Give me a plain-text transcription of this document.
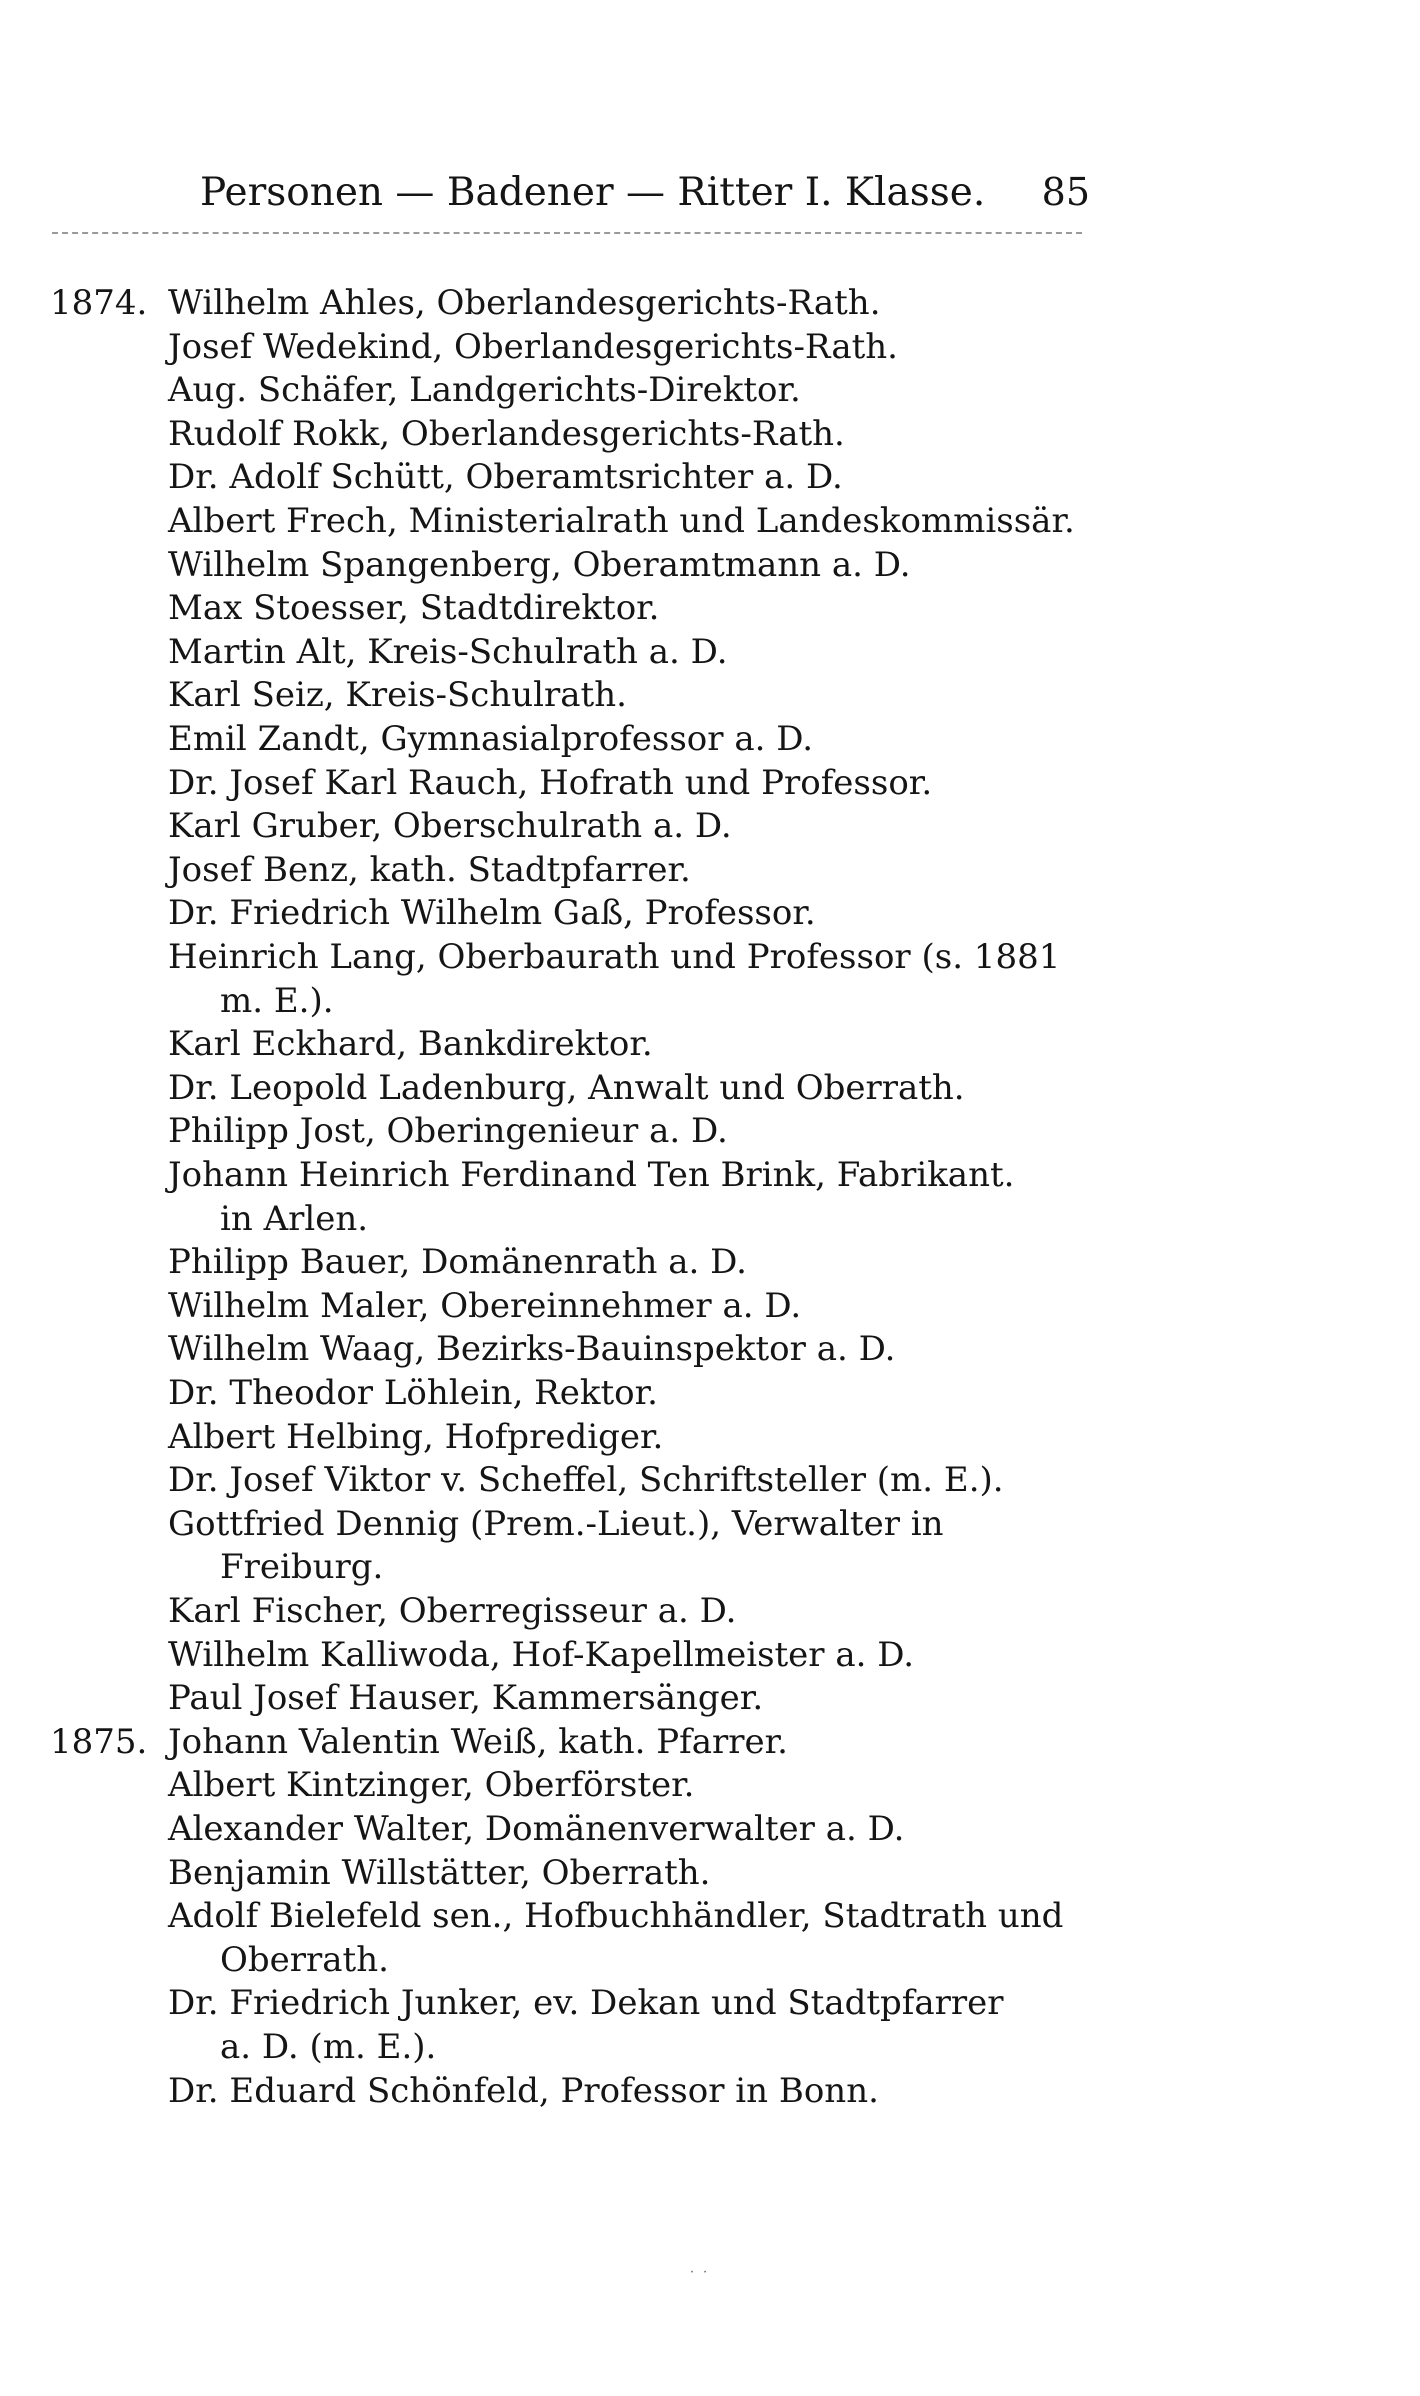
Personen — Badener — Ritter I. Klasse. 85
1874. Wilhelm Ahles, Oberlandesgerichts-Rath.
Josef Wedekind, Oberlandesgerichts-Rath.
Aug. Schäfer, Landgerichts-Direktor.
Rudolf Rokk, Oberlandesgerichts-Rath.
Dr. Adolf Schütt, Oberamtsrichter a. D.
Albert Frech, Ministerialrath und Landeskommissär.
Wilhelm Spangenberg, Oberamtmann a. D.
Max Stoesser, Stadtdirektor.
Martin Alt, Kreis-Schulrath a. D.
Karl Seiz, Kreis-Schulrath.
Emil Zandt, Gymnasialprofessor a. D.
Dr. Josef Karl Rauch, Hofrath und Professor.
Karl Gruber, Oberschulrath a. D.
Josef Benz, kath. Stadtpfarrer.
Dr. Friedrich Wilhelm Gaß, Professor.
Heinrich Lang, Oberbaurath und Professor (s. 1881
m. E.).
Karl Eckhard, Bankdirektor.
Dr. Leopold Ladenburg, Anwalt und Oberrath.
Philipp Jost, Oberingenieur a. D.
Johann Heinrich Ferdinand Ten Brink, Fabrikant.
in Arlen.
Philipp Bauer, Domänenrath a. D.
Wilhelm Maler, Obereinnehmer a. D.
Wilhelm Waag, Bezirks-Bauinspektor a. D.
Dr. Theodor Löhlein, Rektor.
Albert Helbing, Hofprediger.
Dr. Josef Viktor v. Scheffel, Schriftsteller (m. E.).
Gottfried Dennig (Prem.-Lieut.), Verwalter in
Freiburg.
Karl Fischer, Oberregisseur a. D.
Wilhelm Kalliwoda, Hof-Kapellmeister a. D.
Paul Josef Hauser, Kammersänger.
1875. Johann Valentin Weiß, kath. Pfarrer.
Albert Kintzinger, Oberförster.
Alexander Walter, Domänenverwalter a. D.
Benjamin Willstätter, Oberrath.
Adolf Bielefeld sen., Hofbuchhändler, Stadtrath und
Oberrath.
Dr. Friedrich Junker, ev. Dekan und Stadtpfarrer
a. D. (m. E.).
Dr. Eduard Schönfeld, Professor in Bonn.
˙ ˙
